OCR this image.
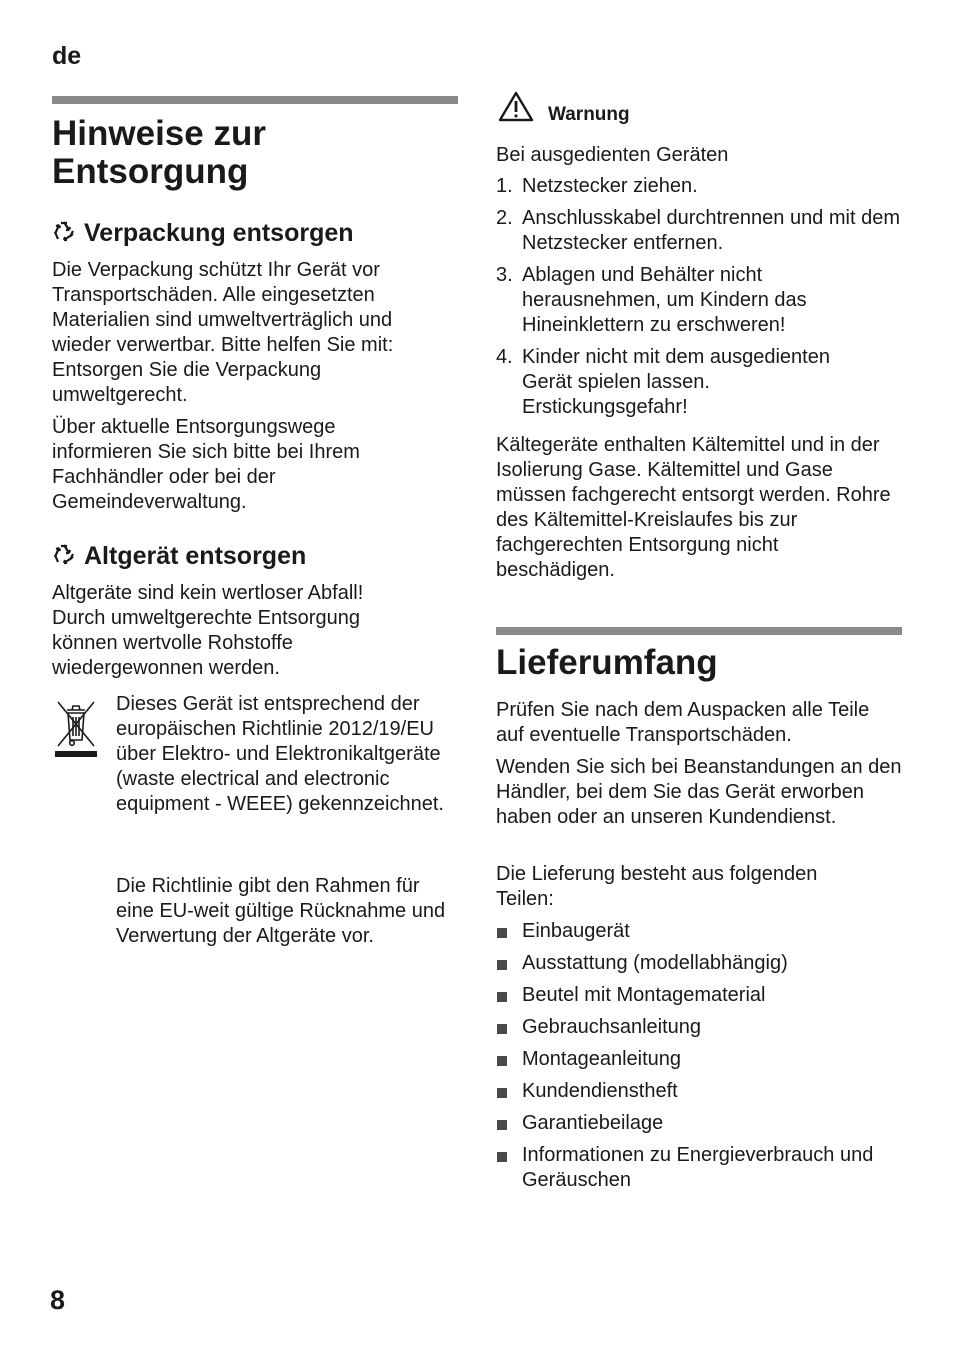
de
Hinweise zur Entsorgung
Verpackung entsorgen

Die Verpackung schützt Ihr Gerät vor Transportschäden. Alle eingesetzten Materialien sind umweltverträglich und wieder verwertbar. Bitte helfen Sie mit: Entsorgen Sie die Verpackung umweltgerecht.

Über aktuelle Entsorgungswege informieren Sie sich bitte bei Ihrem Fachhändler oder bei der Gemeindeverwaltung.

Altgerät entsorgen

Altgeräte sind kein wertloser Abfall! Durch umweltgerechte Entsorgung können wertvolle Rohstoffe wiedergewonnen werden.

Dieses Gerät ist entsprechend der europäischen Richtlinie 2012/19/EU über Elektro- und Elektronikaltgeräte (waste electrical and electronic equipment - WEEE) gekennzeichnet.

Die Richtlinie gibt den Rahmen für eine EU-weit gültige Rücknahme und Verwertung der Altgeräte vor.

Warnung

Bei ausgedienten Geräten

1. Netzstecker ziehen.
2. Anschlusskabel durchtrennen und mit dem Netzstecker entfernen.
3. Ablagen und Behälter nicht herausnehmen, um Kindern das Hineinklettern zu erschweren!
4. Kinder nicht mit dem ausgedienten Gerät spielen lassen. Erstickungsgefahr!

Kältegeräte enthalten Kältemittel und in der Isolierung Gase. Kältemittel und Gase müssen fachgerecht entsorgt werden. Rohre des Kältemittel-Kreislaufes bis zur fachgerechten Entsorgung nicht beschädigen.

Lieferumfang

Prüfen Sie nach dem Auspacken alle Teile auf eventuelle Transportschäden.

Wenden Sie sich bei Beanstandungen an den Händler, bei dem Sie das Gerät erworben haben oder an unseren Kundendienst.

Die Lieferung besteht aus folgenden Teilen:

Einbaugerät
Ausstattung (modellabhängig)
Beutel mit Montagematerial
Gebrauchsanleitung
Montageanleitung
Kundendienstheft
Garantiebeilage
Informationen zu Energieverbrauch und Geräuschen
8
